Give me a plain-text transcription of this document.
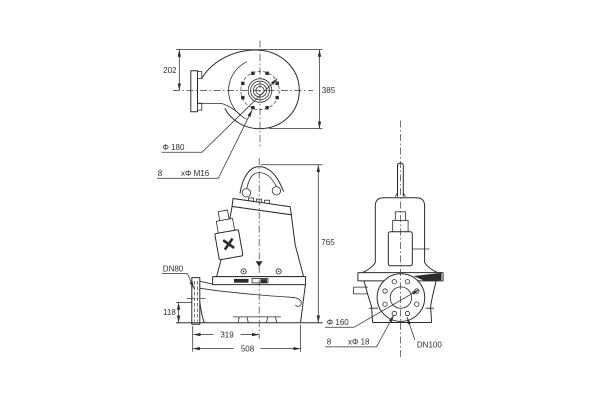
202
385
Φ 180
8 xΦ M16
765
118
319
508
DN80
Φ 160
8 xΦ 18	DN100
